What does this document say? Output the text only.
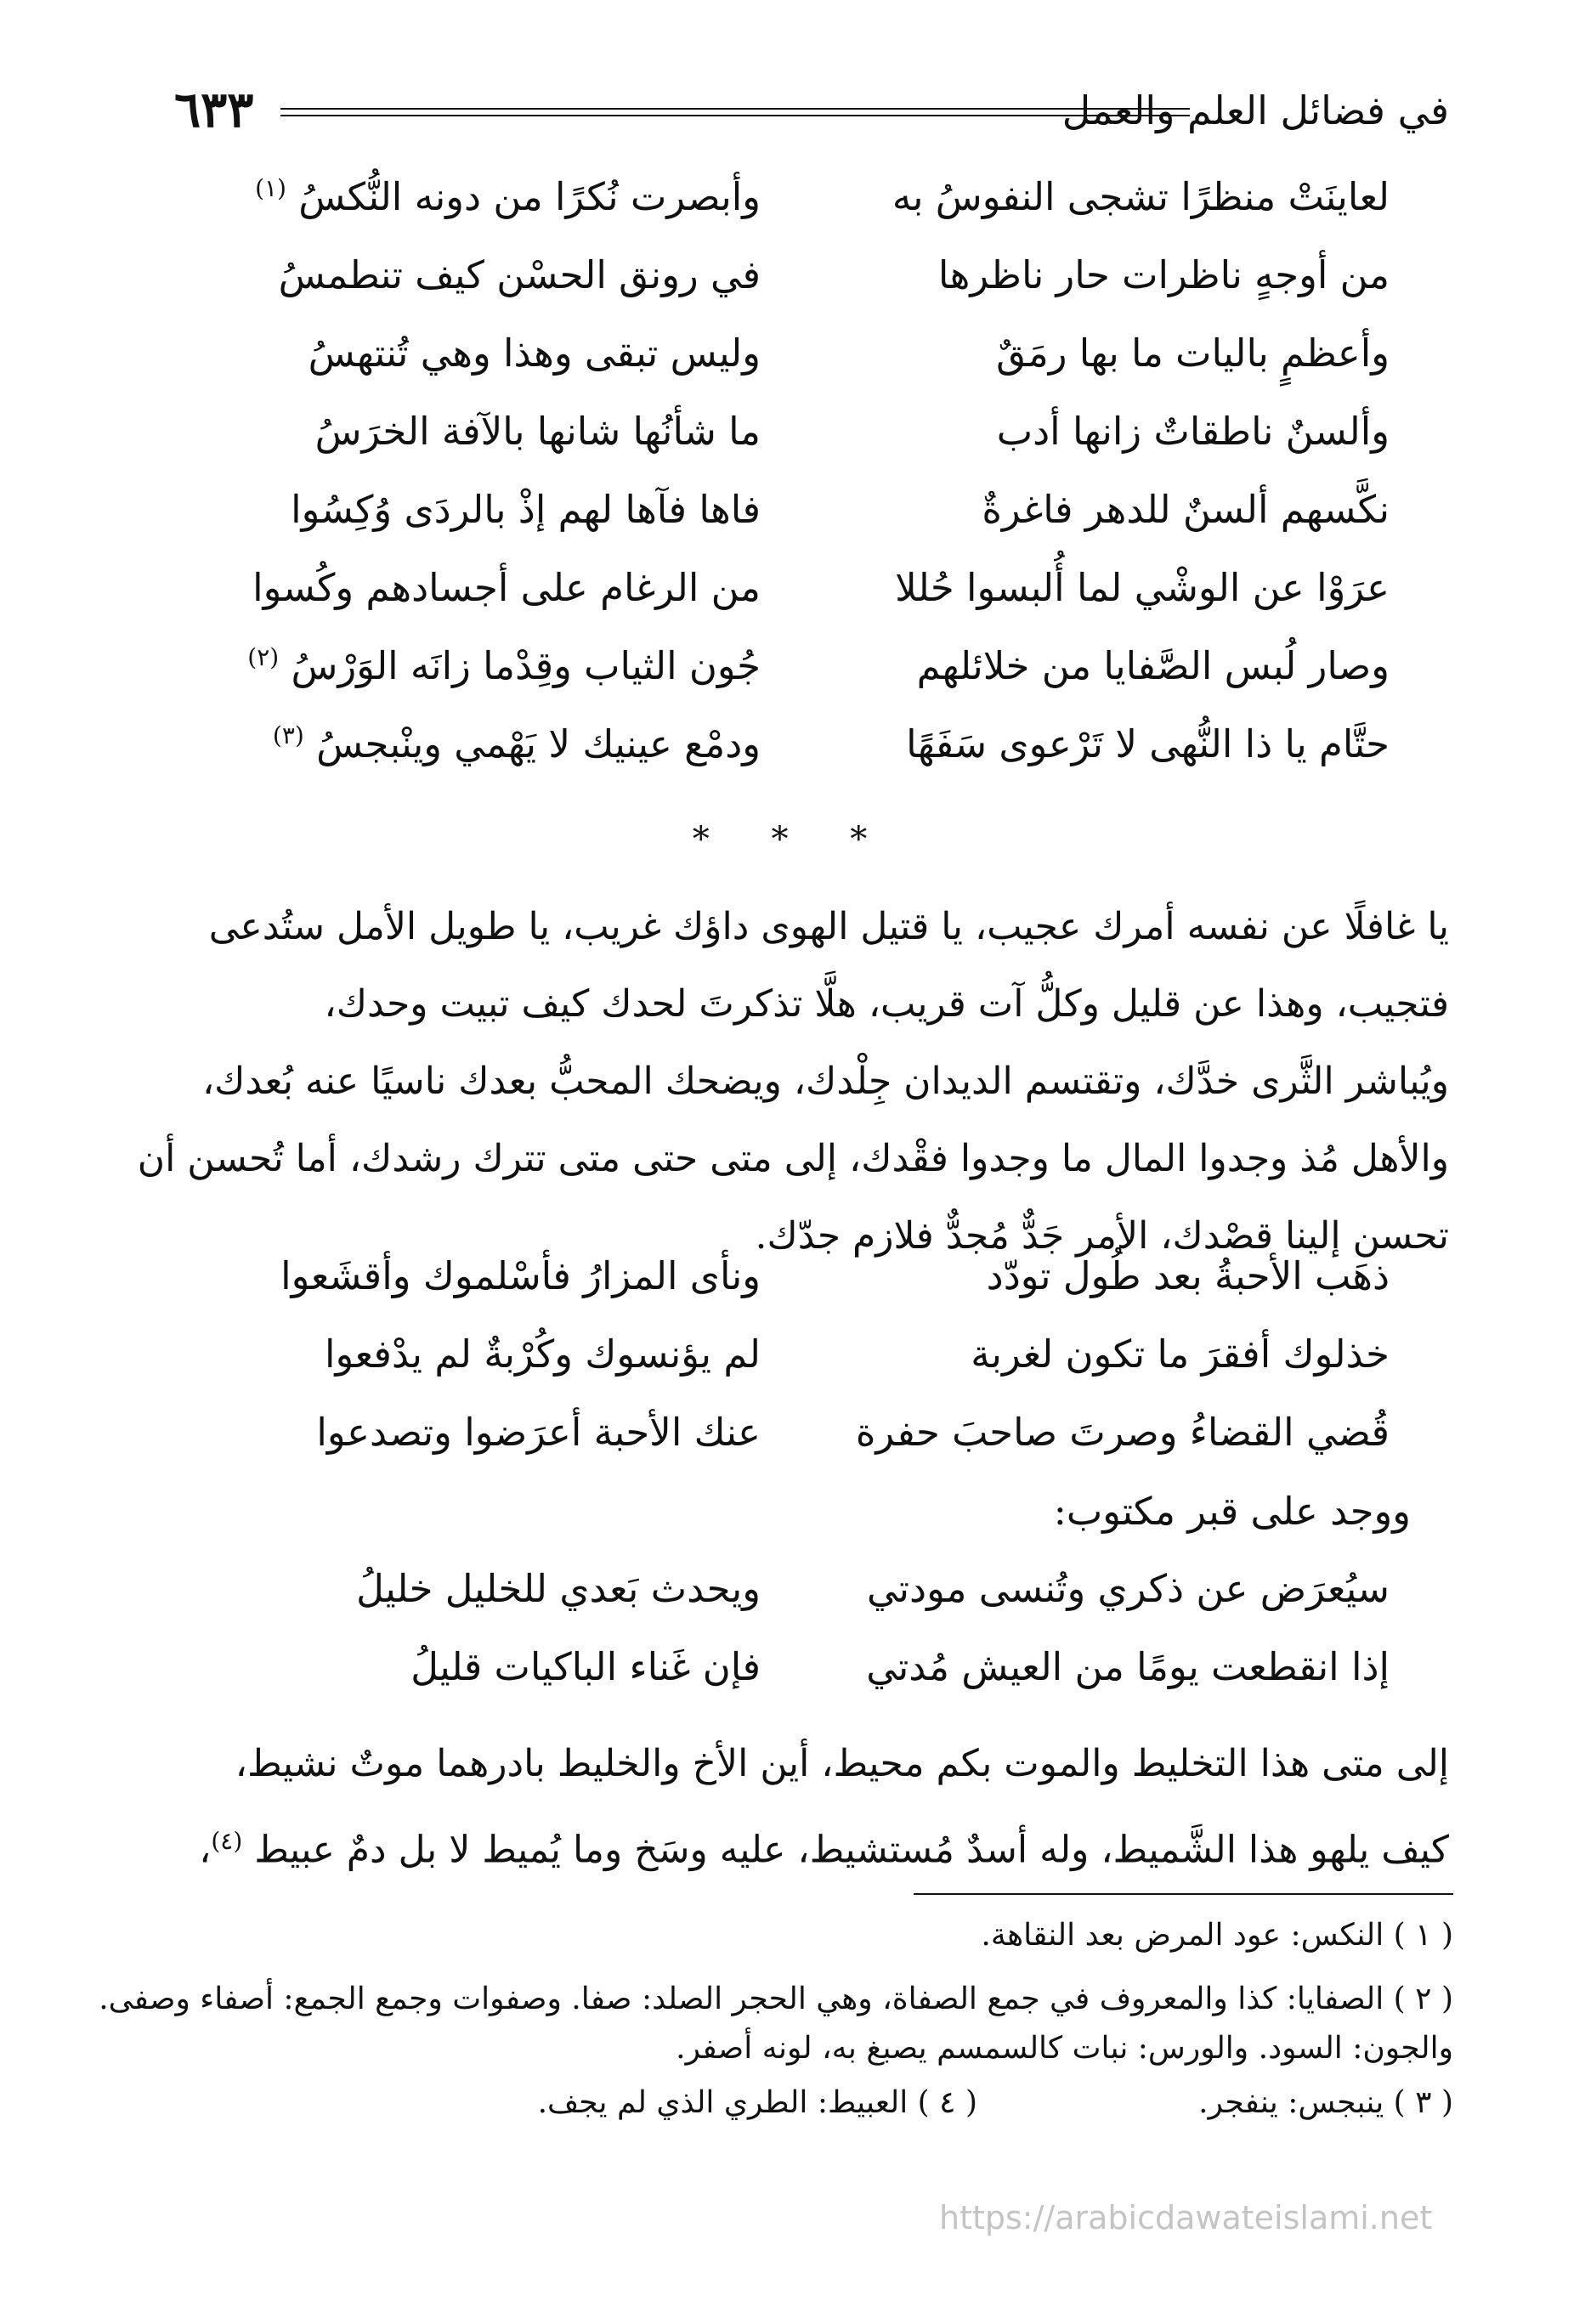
في فضائل العلم والعمل
٦٣٣
لعاينَتْ منظرًا تشجى النفوسُ به
وأبصرت نُكرًا من دونه النُّكسُ $^{(١)}$
من أوجهٍ ناظرات حار ناظرها
في رونق الحسْن كيف تنطمسُ
وأعظمٍ باليات ما بها رمَقٌ
وليس تبقى وهذا وهي تُنتهسُ
وألسنٌ ناطقاتٌ زانها أدب
ما شأنُها شانها بالآفة الخرَسُ
نكَّسهم ألسنٌ للدهر فاغرةٌ
فاها فآها لهم إذْ بالردَى وُكِسُوا
عرَوْا عن الوشْي لما أُلبسوا حُللا
من الرغام على أجسادهم وكُسوا
وصار لُبس الصَّفايا من خلائلهم
جُون الثياب وقِدْما زانَه الوَرْسُ $^{(٢)}$
حتَّام يا ذا النُّهى لا تَرْعوى سَفَهًا
ودمْع عينيك لا يَهْمي وينْبجسُ $^{(٣)}$
* * *
يا غافلًا عن نفسه أمرك عجيب، يا قتيل الهوى داؤك غريب، يا طويل الأمل ستُدعى
فتجيب، وهذا عن قليل وكلُّ آت قريب، هلَّا تذكرتَ لحدك كيف تبيت وحدك،
ويُباشر الثَّرى خدَّك، وتقتسم الديدان جِلْدك، ويضحك المحبُّ بعدك ناسيًا عنه بُعدك،
والأهل مُذ وجدوا المال ما وجدوا فقْدك، إلى متى حتى متى تترك رشدك، أما تُحسن أن
تحسن إلينا قصْدك، الأمر جَدٌّ مُجدٌّ فلازم جدّك.
ذهَب الأحبةُ بعد طُول تودّد
ونأى المزارُ فأسْلموك وأقشَعوا
خذلوك أفقرَ ما تكون لغربة
لم يؤنسوك وكُرْبةٌ لم يدْفعوا
قُضي القضاءُ وصرتَ صاحبَ حفرة
عنك الأحبة أعرَضوا وتصدعوا
ووجد على قبر مكتوب:
سيُعرَض عن ذكري وتُنسى مودتي
ويحدث بَعدي للخليل خليلُ
إذا انقطعت يومًا من العيش مُدتي
فإن غَناء الباكيات قليلُ
إلى متى هذا التخليط والموت بكم محيط، أين الأخ والخليط بادرهما موتٌ نشيط،
كيف يلهو هذا الشَّميط، وله أسدٌ مُستشيط، عليه وسَخ وما يُميط لا بل دمٌ عبيط $^{(٤)}$،
( ١ ) النكس: عود المرض بعد النقاهة.
( ٢ ) الصفايا: كذا والمعروف في جمع الصفاة، وهي الحجر الصلد: صفا. وصفوات وجمع الجمع: أصفاء وصفى.
والجون: السود. والورس: نبات كالسمسم يصبغ به، لونه أصفر.
( ٣ ) ينبجس: ينفجر.
( ٤ ) العبيط: الطري الذي لم يجف.
https://arabicdawateislami.net
